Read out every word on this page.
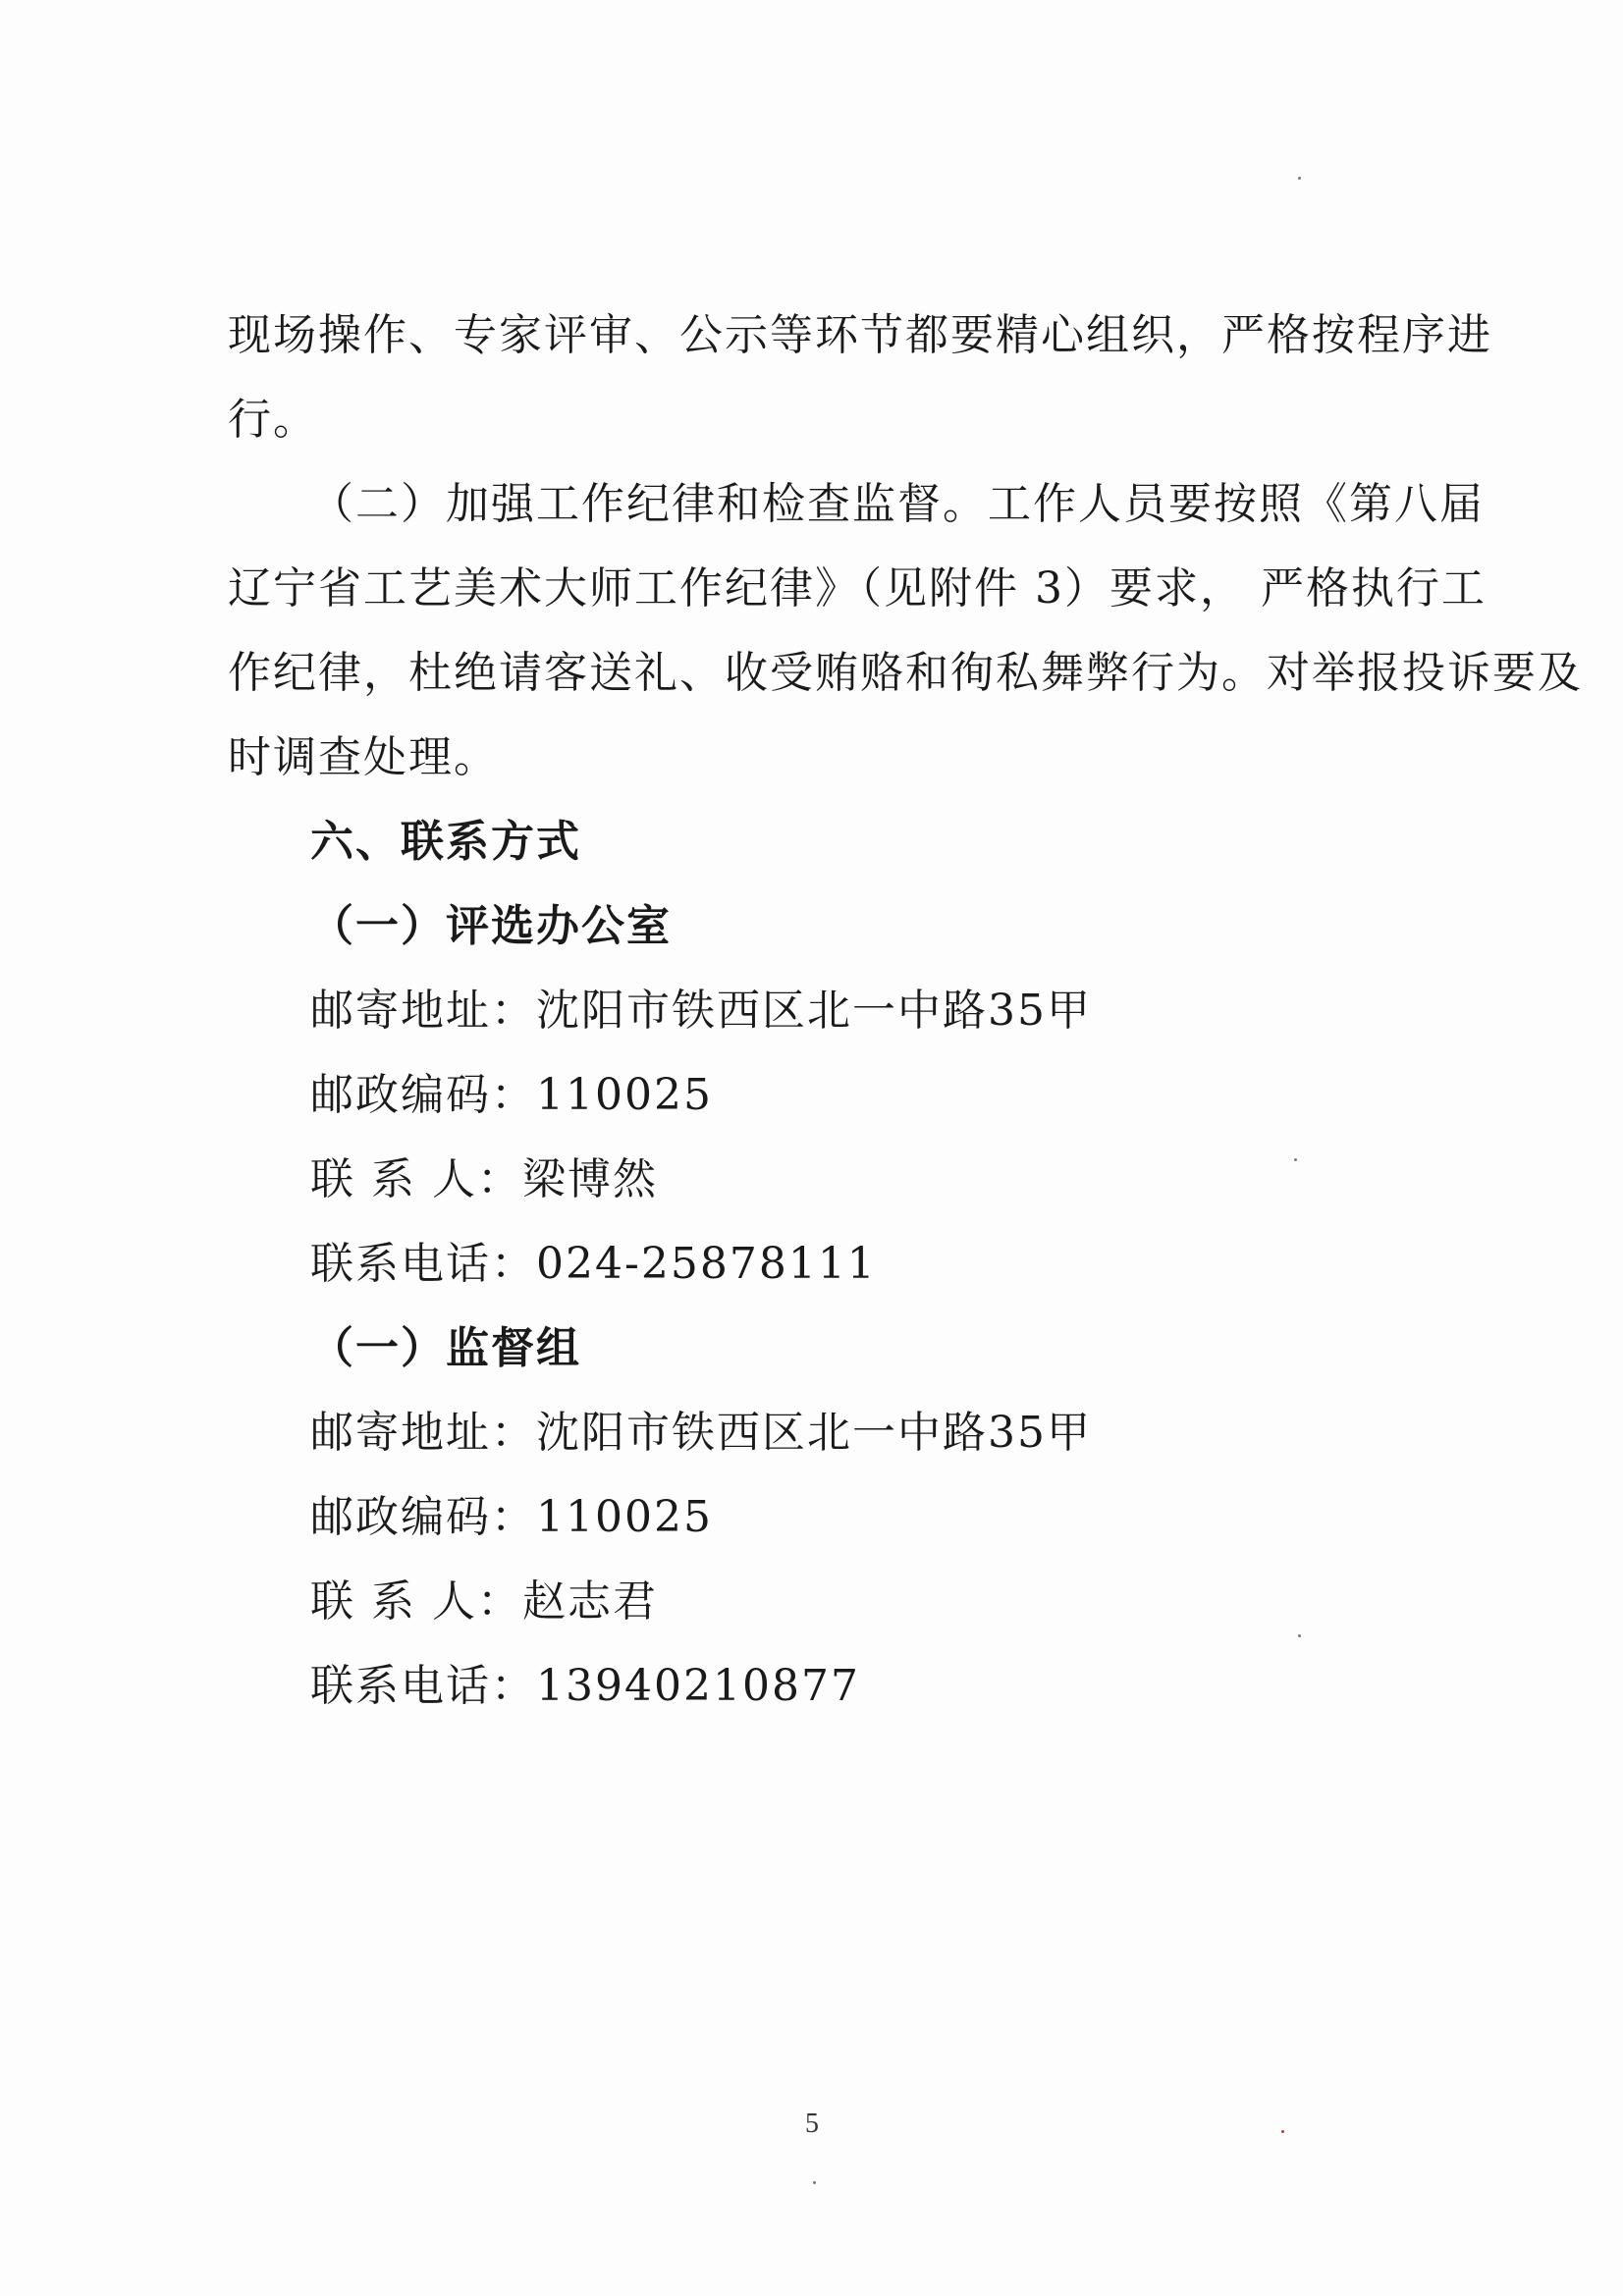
现场操作、专家评审、公示等环节都要精心组织，严格按程序进
行。
（二）加强工作纪律和检查监督。工作人员要按照《第八届
辽宁省工艺美术大师工作纪律》（见附件 3）要求， 严格执行工
作纪律，杜绝请客送礼、收受贿赂和徇私舞弊行为。对举报投诉要及
时调查处理。
六、联系方式
（一）评选办公室
邮寄地址：沈阳市铁西区北一中路35甲
邮政编码：110025
联 系 人：梁博然
联系电话：024-25878111
（一）监督组
邮寄地址：沈阳市铁西区北一中路35甲
邮政编码：110025
联 系 人：赵志君
联系电话：13940210877
5
